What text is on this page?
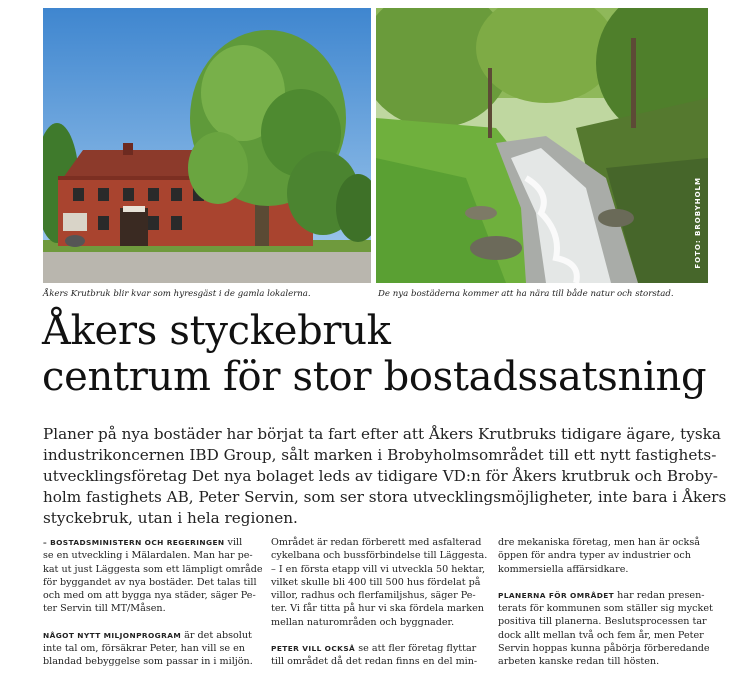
FOTO: BROBYHOLM
Åkers Krutbruk blir kvar som hyresgäst i de gamla lokalerna.	De nya bostäderna kommer att ha nära till både natur och storstad.
Åkers styckebruk
centrum för stor bostadssatsning
Planer på nya bostäder har börjat ta fart efter att Åkers Krutbruks tidigare ägare, tyska
industrikoncernen IBD Group, sålt marken i Brobyholmsområdet till ett nytt fastighets-
utvecklingsföretag Det nya bolaget leds av tidigare VD:n för Åkers krutbruk och Broby-
holm fastighets AB, Peter Servin, som ser stora utvecklingsmöjligheter, inte bara i Åkers
styckebruk, utan i hela regionen.
– BOSTADSMINISTERN OCH REGERINGEN vill
se en utveckling i Mälardalen. Man har pe-
kat ut just Läggesta som ett lämpligt område
för byggandet av nya bostäder. Det talas till
och med om att bygga nya städer, säger Pe-
ter Servin till MT/Måsen.
NÅGOT NYTT MILJONPROGRAM är det absolut
inte tal om, försäkrar Peter, han vill se en
blandad bebyggelse som passar in i miljön.
Området är redan förberett med asfalterad
cykelbana och bussförbindelse till Läggesta.
– I en första etapp vill vi utveckla 50 hektar,
vilket skulle bli 400 till 500 hus fördelat på
villor, radhus och flerfamiljshus, säger Pe-
ter. Vi får titta på hur vi ska fördela marken
mellan naturområden och byggnader.
PETER VILL OCKSÅ se att fler företag flyttar
till området då det redan finns en del min-
dre mekaniska företag, men han är också
öppen för andra typer av industrier och
kommersiella affärsidkare.
PLANERNA FÖR OMRÅDET har redan presen-
terats för kommunen som ställer sig mycket
positiva till planerna. Beslutsprocessen tar
dock allt mellan två och fem år, men Peter
Servin hoppas kunna påbörja förberedande
arbeten kanske redan till hösten.
